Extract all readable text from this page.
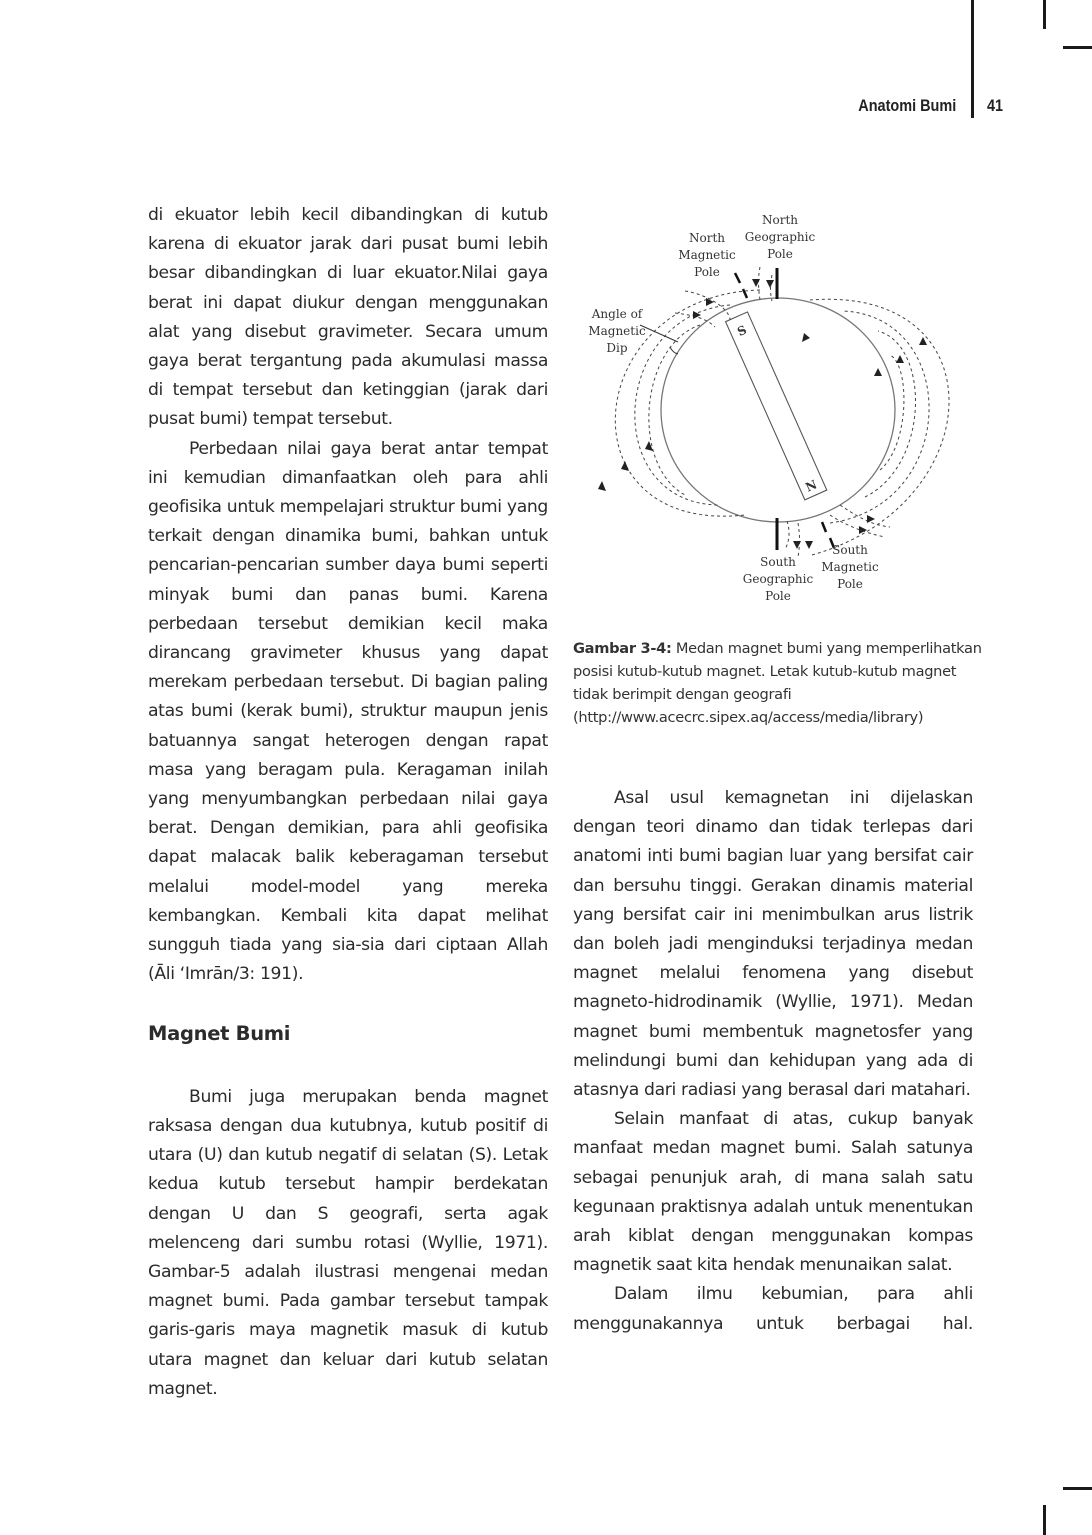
Anatomi Bumi 41

di ekuator lebih kecil dibandingkan di kutub karena di ekuator jarak dari pusat bumi lebih besar dibandingkan di luar ekuator.Nilai gaya berat ini dapat diukur dengan menggunakan alat yang disebut gravimeter. Secara umum gaya berat tergantung pada akumulasi massa di tempat tersebut dan ketinggian (jarak dari pusat bumi) tempat tersebut.

Perbedaan nilai gaya berat antar tempat ini kemudian dimanfaatkan oleh para ahli geofisika untuk mempelajari struktur bumi yang terkait dengan dinamika bumi, bahkan untuk pencarian-pencarian sumber daya bumi seperti minyak bumi dan panas bumi. Karena perbedaan tersebut demikian kecil maka dirancang gravimeter khusus yang dapat merekam perbedaan tersebut. Di bagian paling atas bumi (kerak bumi), struktur maupun jenis batuannya sangat heterogen dengan rapat masa yang beragam pula. Keragaman inilah yang menyumbangkan perbedaan nilai gaya berat. Dengan demikian, para ahli geofisika dapat malacak balik keberagaman tersebut melalui model-model yang mereka kembangkan. Kembali kita dapat melihat sungguh tiada yang sia-sia dari ciptaan Allah (Āli ‘Imrān/3: 191).

Magnet Bumi

Bumi juga merupakan benda magnet raksasa dengan dua kutubnya, kutub positif di utara (U) dan kutub negatif di selatan (S). Letak kedua kutub tersebut hampir berdekatan dengan U dan S geografi, serta agak melenceng dari sumbu rotasi (Wyllie, 1971). Gambar-5 adalah ilustrasi mengenai medan magnet bumi. Pada gambar tersebut tampak garis-garis maya magnetik masuk di kutub utara magnet dan keluar dari kutub selatan magnet.

S
N
North
Geographic
Pole
North
Magnetic
Pole
Angle of
Magnetic
Dip
South
Geographic
Pole
South
Magnetic
Pole
Gambar 3-4: Medan magnet bumi yang memperlihatkan posisi kutub-kutub magnet. Letak kutub-kutub magnet tidak berimpit dengan geografi (http://www.acecrc.sipex.aq/access/media/library)

Asal usul kemagnetan ini dijelaskan dengan teori dinamo dan tidak terlepas dari anatomi inti bumi bagian luar yang bersifat cair dan bersuhu tinggi. Gerakan dinamis material yang bersifat cair ini menimbulkan arus listrik dan boleh jadi menginduksi terjadinya medan magnet melalui fenomena yang disebut magneto-hidrodinamik (Wyllie, 1971). Medan magnet bumi membentuk magnetosfer yang melindungi bumi dan kehidupan yang ada di atasnya dari radiasi yang berasal dari matahari.

Selain manfaat di atas, cukup banyak manfaat medan magnet bumi. Salah satunya sebagai penunjuk arah, di mana salah satu kegunaan praktisnya adalah untuk menentukan arah kiblat dengan menggunakan kompas magnetik saat kita hendak menunaikan salat.

Dalam ilmu kebumian, para ahli menggunakannya untuk berbagai hal.
